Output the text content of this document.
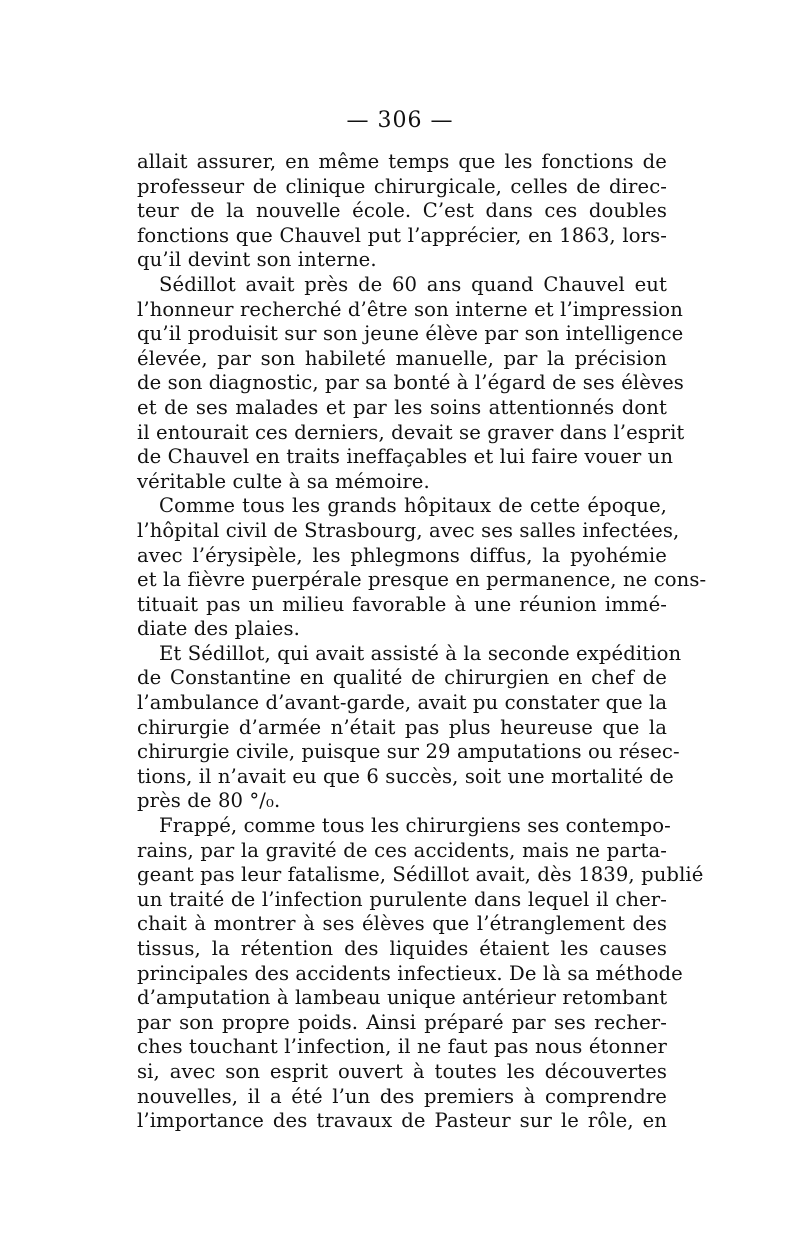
— 306 —

allait assurer, en même temps que les fonctions de
professeur de clinique chirurgicale, celles de direc-
teur de la nouvelle école. C’est dans ces doubles
fonctions que Chauvel put l’apprécier, en 1863, lors-
qu’il devint son interne.

Sédillot avait près de 60 ans quand Chauvel eut
l’honneur recherché d’être son interne et l’impression
qu’il produisit sur son jeune élève par son intelligence
élevée, par son habileté manuelle, par la précision
de son diagnostic, par sa bonté à l’égard de ses élèves
et de ses malades et par les soins attentionnés dont
il entourait ces derniers, devait se graver dans l’esprit
de Chauvel en traits ineffaçables et lui faire vouer un
véritable culte à sa mémoire.

Comme tous les grands hôpitaux de cette époque,
l’hôpital civil de Strasbourg, avec ses salles infectées,
avec l’érysipèle, les phlegmons diffus, la pyohémie
et la fièvre puerpérale presque en permanence, ne cons-
tituait pas un milieu favorable à une réunion immé-
diate des plaies.

Et Sédillot, qui avait assisté à la seconde expédition
de Constantine en qualité de chirurgien en chef de
l’ambulance d’avant-garde, avait pu constater que la
chirurgie d’armée n’était pas plus heureuse que la
chirurgie civile, puisque sur 29 amputations ou résec-
tions, il n’avait eu que 6 succès, soit une mortalité de
près de 80 °/₀.

Frappé, comme tous les chirurgiens ses contempo-
rains, par la gravité de ces accidents, mais ne parta-
geant pas leur fatalisme, Sédillot avait, dès 1839, publié
un traité de l’infection purulente dans lequel il cher-
chait à montrer à ses élèves que l’étranglement des
tissus, la rétention des liquides étaient les causes
principales des accidents infectieux. De là sa méthode
d’amputation à lambeau unique antérieur retombant
par son propre poids. Ainsi préparé par ses recher-
ches touchant l’infection, il ne faut pas nous étonner
si, avec son esprit ouvert à toutes les découvertes
nouvelles, il a été l’un des premiers à comprendre
l’importance des travaux de Pasteur sur le rôle, en
